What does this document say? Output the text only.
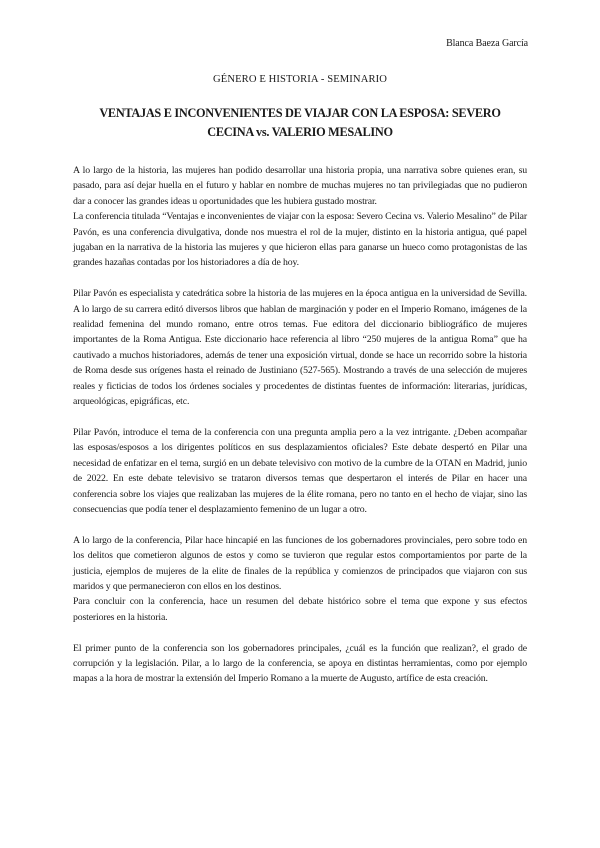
Blanca Baeza García
GÉNERO E HISTORIA - SEMINARIO
VENTAJAS E INCONVENIENTES DE VIAJAR CON LA ESPOSA: SEVERO CECINA vs. VALERIO MESALINO

A lo largo de la historia, las mujeres han podido desarrollar una historia propia, una narrativa sobre quienes eran, su pasado, para así dejar huella en el futuro y hablar en nombre de muchas mujeres no tan privilegiadas que no pudieron dar a conocer las grandes ideas u oportunidades que les hubiera gustado mostrar.

La conferencia titulada “Ventajas e inconvenientes de viajar con la esposa: Severo Cecina vs. Valerio Mesalino” de Pilar Pavón, es una conferencia divulgativa, donde nos muestra el rol de la mujer, distinto en la historia antigua, qué papel jugaban en la narrativa de la historia las mujeres y que hicieron ellas para ganarse un hueco como protagonistas de las grandes hazañas contadas por los historiadores a día de hoy.

Pilar Pavón es especialista y catedrática sobre la historia de las mujeres en la época antigua en la universidad de Sevilla. A lo largo de su carrera editó diversos libros que hablan de marginación y poder en el Imperio Romano, imágenes de la realidad femenina del mundo romano, entre otros temas. Fue editora del diccionario bibliográfico de mujeres importantes de la Roma Antigua. Este diccionario hace referencia al libro “250 mujeres de la antigua Roma” que ha cautivado a muchos historiadores, además de tener una exposición virtual, donde se hace un recorrido sobre la historia de Roma desde sus orígenes hasta el reinado de Justiniano (527-565). Mostrando a través de una selección de mujeres reales y ficticias de todos los órdenes sociales y procedentes de distintas fuentes de información: literarias, jurídicas, arqueológicas, epigráficas, etc.

Pilar Pavón, introduce el tema de la conferencia con una pregunta amplia pero a la vez intrigante. ¿Deben acompañar las esposas/esposos a los dirigentes políticos en sus desplazamientos oficiales? Este debate despertó en Pilar una necesidad de enfatizar en el tema, surgió en un debate televisivo con motivo de la cumbre de la OTAN en Madrid, junio de 2022. En este debate televisivo se trataron diversos temas que despertaron el interés de Pilar en hacer una conferencia sobre los viajes que realizaban las mujeres de la élite romana, pero no tanto en el hecho de viajar, sino las consecuencias que podía tener el desplazamiento femenino de un lugar a otro.

A lo largo de la conferencia, Pilar hace hincapié en las funciones de los gobernadores provinciales, pero sobre todo en los delitos que cometieron algunos de estos y como se tuvieron que regular estos comportamientos por parte de la justicia, ejemplos de mujeres de la elite de finales de la república y comienzos de principados que viajaron con sus maridos y que permanecieron con ellos en los destinos.

Para concluir con la conferencia, hace un resumen del debate histórico sobre el tema que expone y sus efectos posteriores en la historia.

El primer punto de la conferencia son los gobernadores principales, ¿cuál es la función que realizan?, el grado de corrupción y la legislación. Pilar, a lo largo de la conferencia, se apoya en distintas herramientas, como por ejemplo mapas a la hora de mostrar la extensión del Imperio Romano a la muerte de Augusto, artífice de esta creación.
